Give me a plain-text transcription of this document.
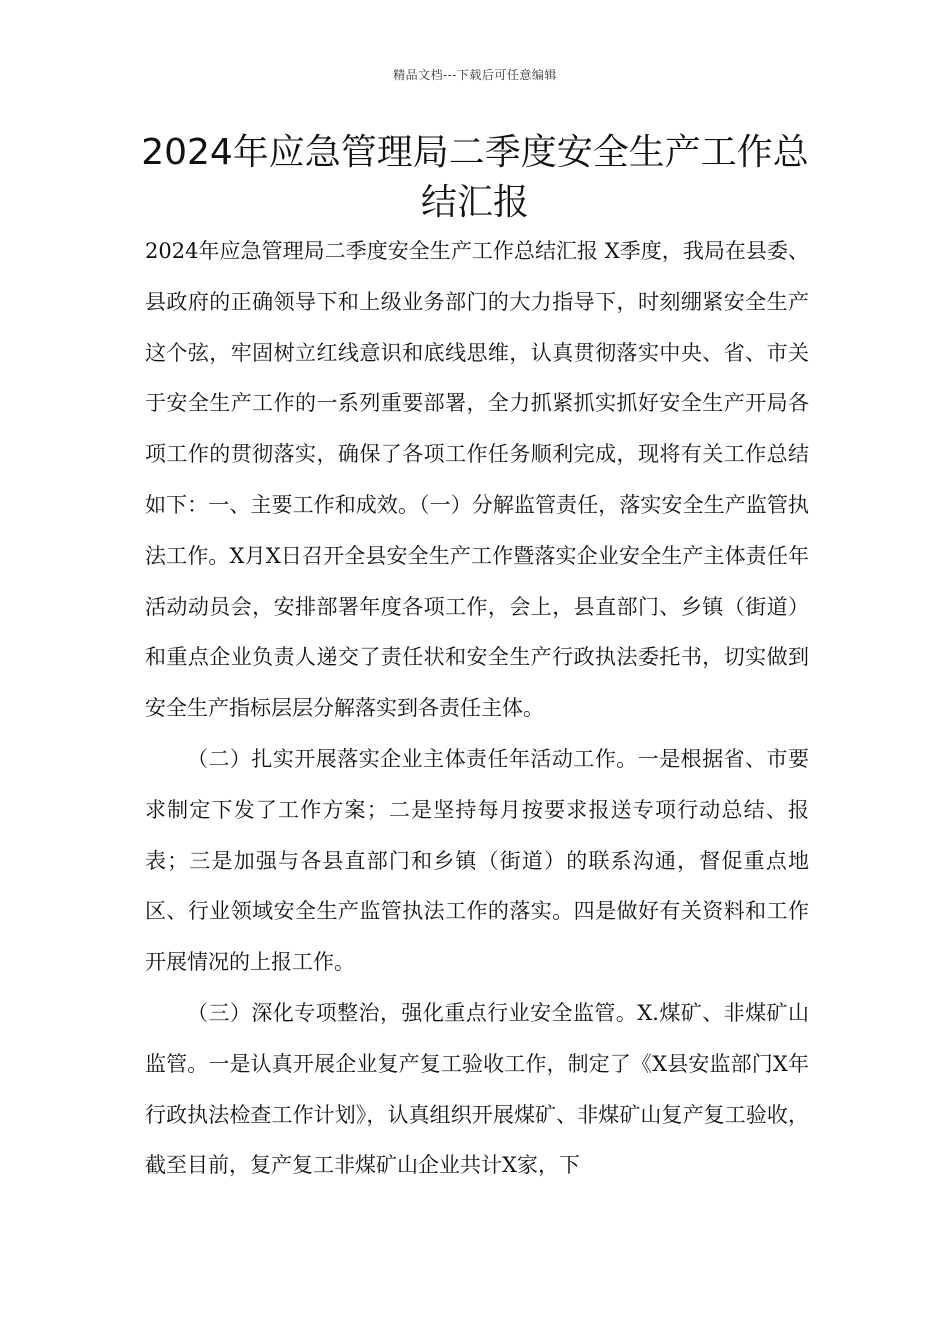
精品文档---下载后可任意编辑
2024年应急管理局二季度安全生产工作总结汇报

2024年应急管理局二季度安全生产工作总结汇报 X季度，我局在县委、县政府的正确领导下和上级业务部门的大力指导下，时刻绷紧安全生产这个弦，牢固树立红线意识和底线思维，认真贯彻落实中央、省、市关于安全生产工作的一系列重要部署，全力抓紧抓实抓好安全生产开局各项工作的贯彻落实，确保了各项工作任务顺利完成，现将有关工作总结如下：一、主要工作和成效。（一）分解监管责任，落实安全生产监管执法工作。X月X日召开全县安全生产工作暨落实企业安全生产主体责任年活动动员会，安排部署年度各项工作，会上，县直部门、乡镇（街道）和重点企业负责人递交了责任状和安全生产行政执法委托书，切实做到安全生产指标层层分解落实到各责任主体。

（二）扎实开展落实企业主体责任年活动工作。一是根据省、市要求制定下发了工作方案；二是坚持每月按要求报送专项行动总结、报表；三是加强与各县直部门和乡镇（街道）的联系沟通，督促重点地区、行业领域安全生产监管执法工作的落实。四是做好有关资料和工作开展情况的上报工作。

（三）深化专项整治，强化重点行业安全监管。X.煤矿、非煤矿山监管。一是认真开展企业复产复工验收工作，制定了《X县安监部门X年行政执法检查工作计划》，认真组织开展煤矿、非煤矿山复产复工验收，截至目前，复产复工非煤矿山企业共计X家，下
